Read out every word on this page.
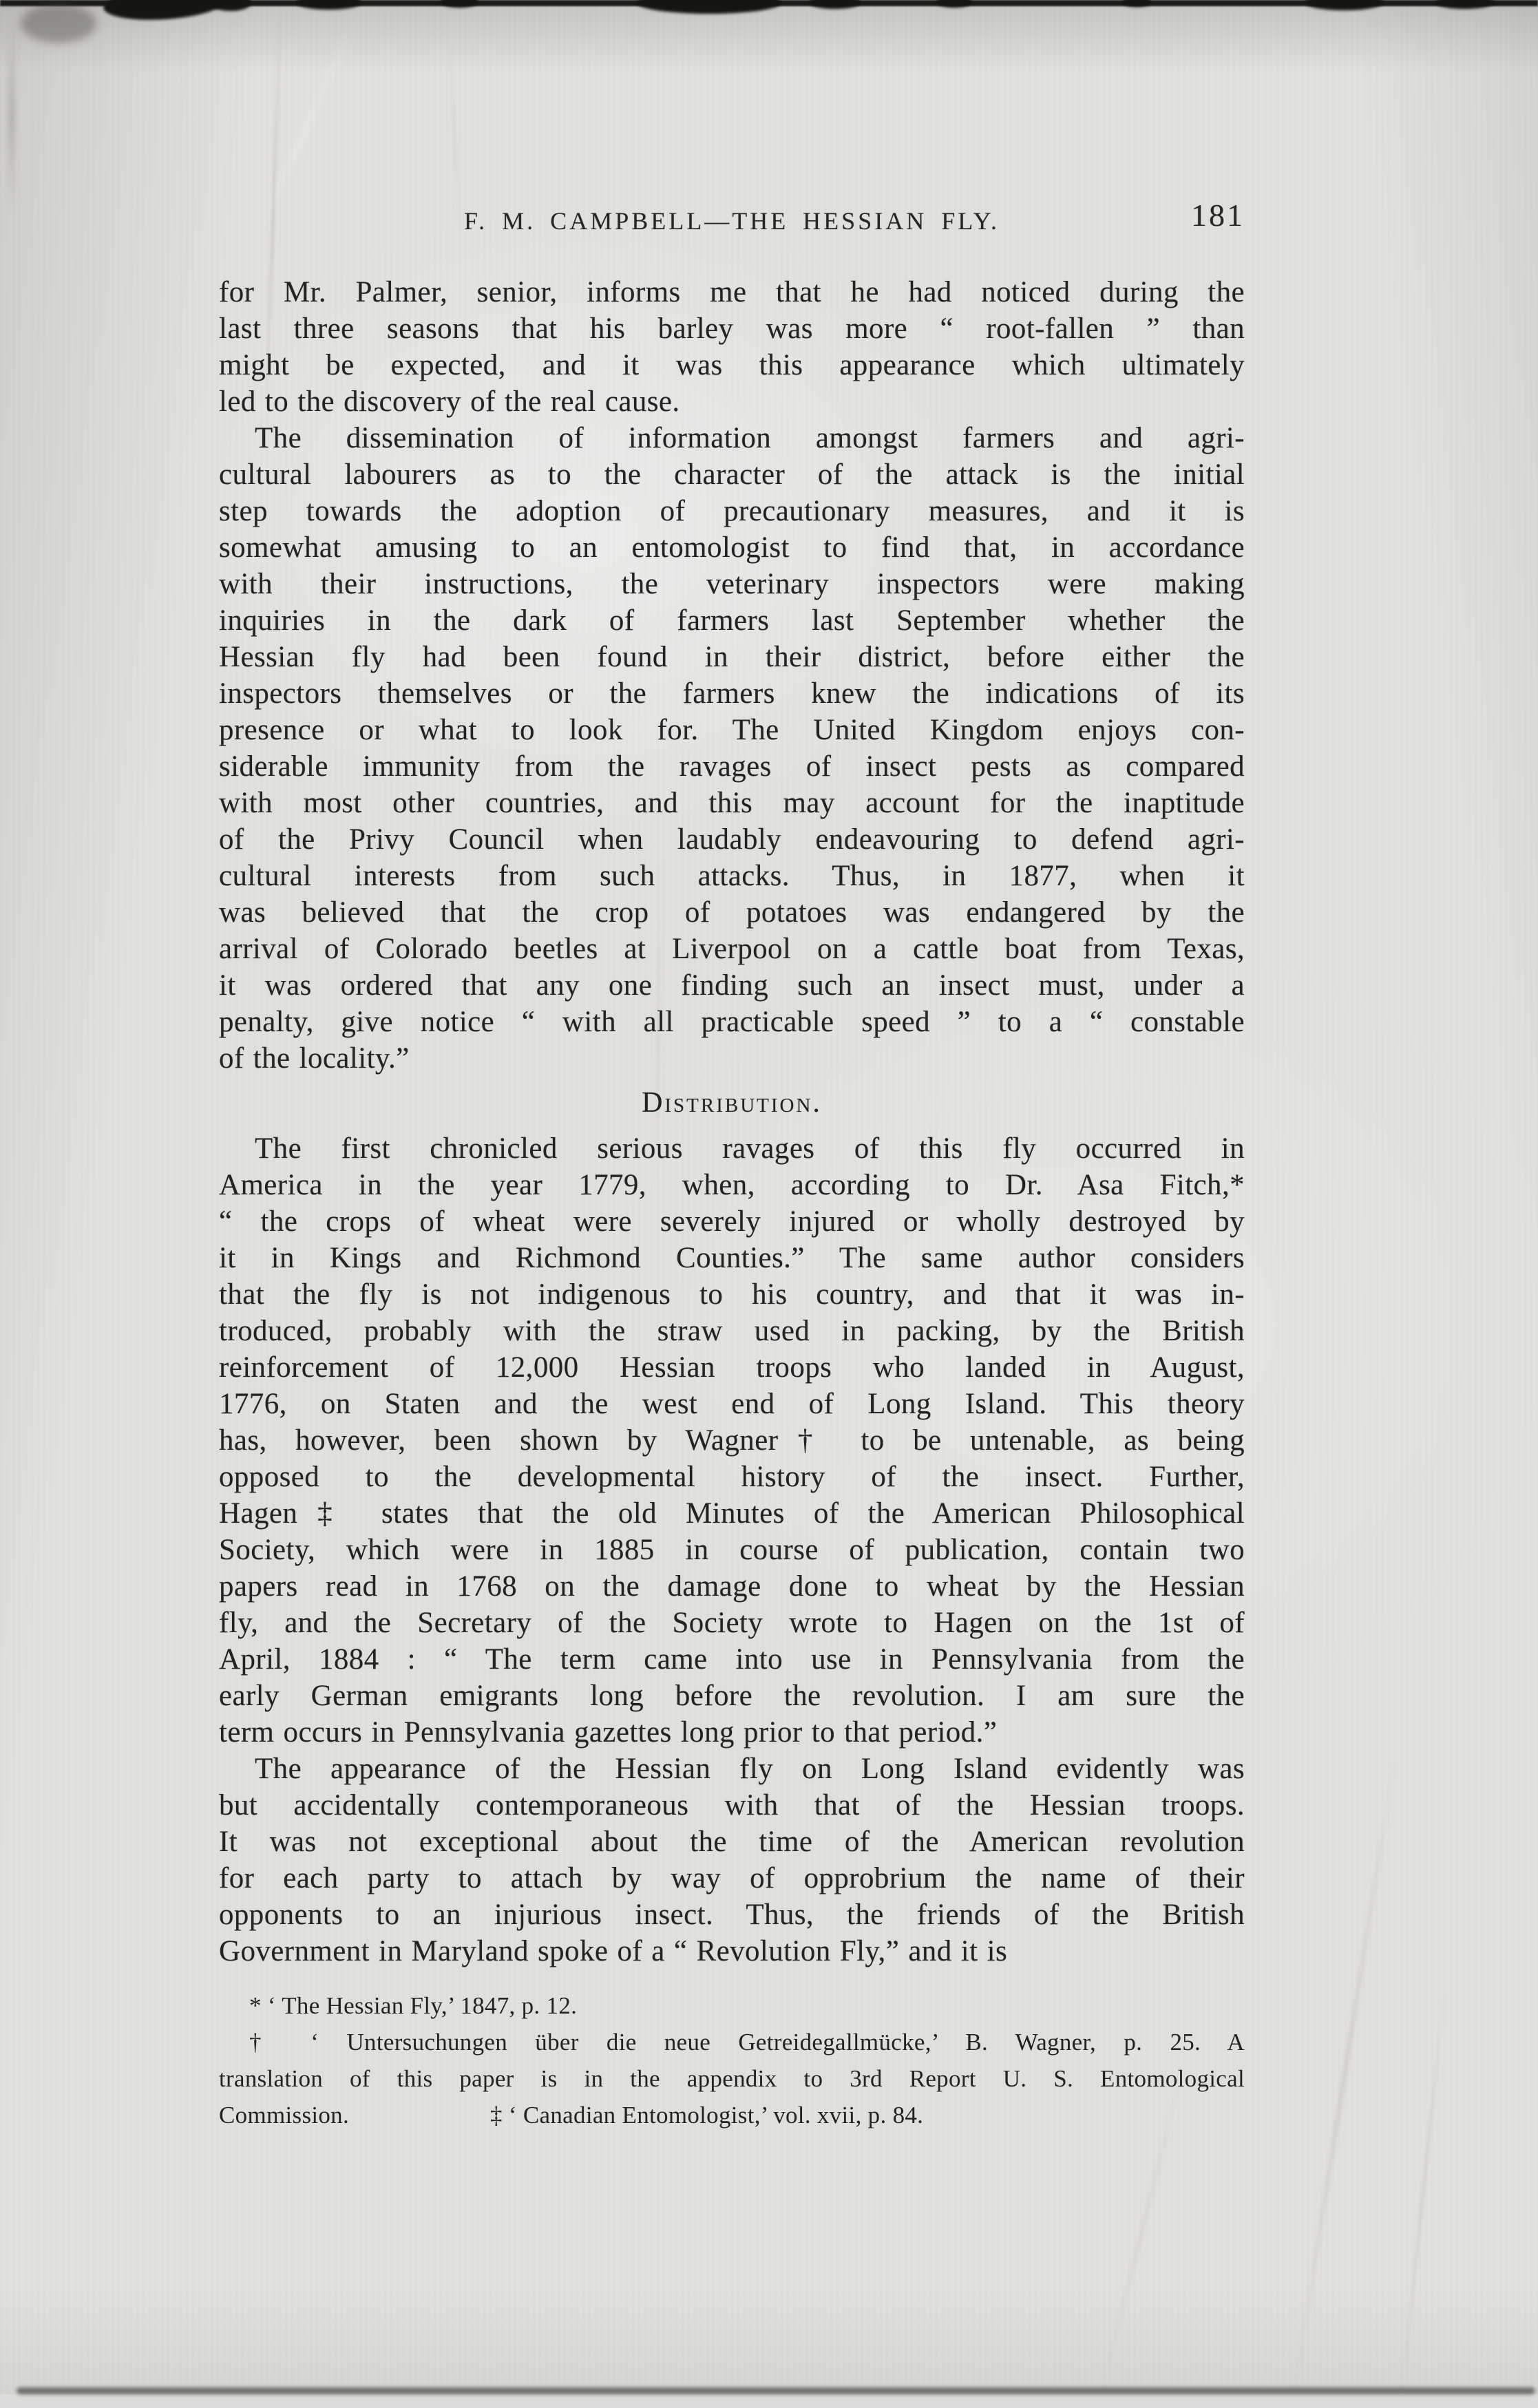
F. M. CAMPBELL—THE HESSIAN FLY.	181
for Mr. Palmer, senior, informs me that he had noticed during the
last three seasons that his barley was more “ root-fallen ” than
might be expected, and it was this appearance which ultimately
led to the discovery of the real cause.
The dissemination of information amongst farmers and agri-
cultural labourers as to the character of the attack is the initial
step towards the adoption of precautionary measures, and it is
somewhat amusing to an entomologist to find that, in accordance
with their instructions, the veterinary inspectors were making
inquiries in the dark of farmers last September whether the
Hessian fly had been found in their district, before either the
inspectors themselves or the farmers knew the indications of its
presence or what to look for. The United Kingdom enjoys con-
siderable immunity from the ravages of insect pests as compared
with most other countries, and this may account for the inaptitude
of the Privy Council when laudably endeavouring to defend agri-
cultural interests from such attacks. Thus, in 1877, when it
was believed that the crop of potatoes was endangered by the
arrival of Colorado beetles at Liverpool on a cattle boat from Texas,
it was ordered that any one finding such an insect must, under a
penalty, give notice “ with all practicable speed ” to a “ constable
of the locality.”
Distribution.
The first chronicled serious ravages of this fly occurred in
America in the year 1779, when, according to Dr. Asa Fitch,*
“ the crops of wheat were severely injured or wholly destroyed by
it in Kings and Richmond Counties.” The same author considers
that the fly is not indigenous to his country, and that it was in-
troduced, probably with the straw used in packing, by the British
reinforcement of 12,000 Hessian troops who landed in August,
1776, on Staten and the west end of Long Island. This theory
has, however, been shown by Wagner† to be untenable, as being
opposed to the developmental history of the insect. Further,
Hagen‡ states that the old Minutes of the American Philosophical
Society, which were in 1885 in course of publication, contain two
papers read in 1768 on the damage done to wheat by the Hessian
fly, and the Secretary of the Society wrote to Hagen on the 1st of
April, 1884 : “ The term came into use in Pennsylvania from the
early German emigrants long before the revolution. I am sure the
term occurs in Pennsylvania gazettes long prior to that period.”
The appearance of the Hessian fly on Long Island evidently was
but accidentally contemporaneous with that of the Hessian troops.
It was not exceptional about the time of the American revolution
for each party to attach by way of opprobrium the name of their
opponents to an injurious insect. Thus, the friends of the British
Government in Maryland spoke of a “ Revolution Fly,” and it is
* ‘ The Hessian Fly,’ 1847, p. 12.
† ‘ Untersuchungen über die neue Getreidegallmücke,’ B. Wagner, p. 25. A
translation of this paper is in the appendix to 3rd Report U. S. Entomological
Commission.	‡ ‘ Canadian Entomologist,’ vol. xvii, p. 84.
